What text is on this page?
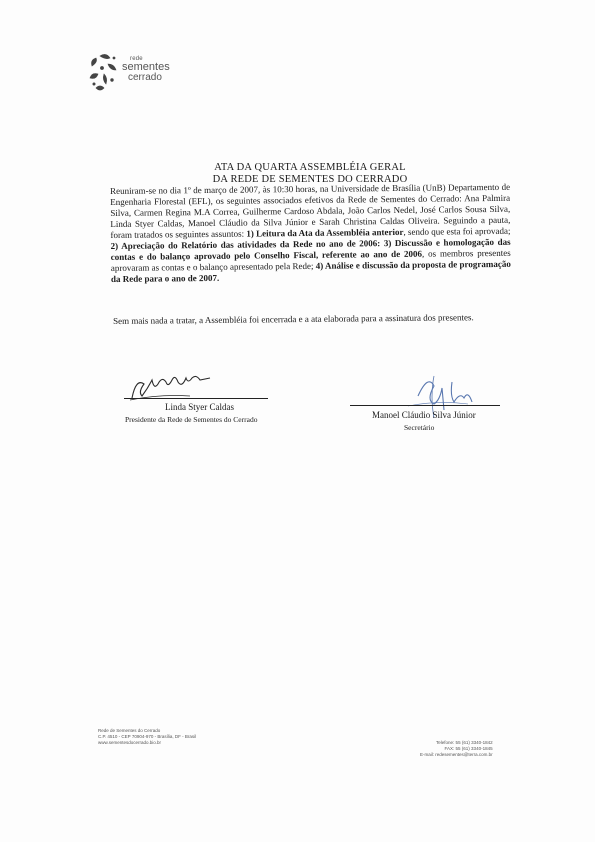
rede
sementes
cerrado
ATA DA QUARTA ASSEMBLÉIA GERAL
DA REDE DE SEMENTES DO CERRADO

Reuniram-se no dia 1º de março de 2007, às 10:30 horas, na Universidade de Brasília (UnB) Departamento de Engenharia Florestal (EFL), os seguintes associados efetivos da Rede de Sementes do Cerrado: Ana Palmira Silva, Carmen Regina M.A Correa, Guilherme Cardoso Abdala, João Carlos Nedel, José Carlos Sousa Silva, Linda Styer Caldas, Manoel Cláudio da Silva Júnior e Sarah Christina Caldas Oliveira. Seguindo a pauta, foram tratados os seguintes assuntos: 1) Leitura da Ata da Assembléia anterior, sendo que esta foi aprovada; 2) Apreciação do Relatório das atividades da Rede no ano de 2006: 3) Discussão e homologação das contas e do balanço aprovado pelo Conselho Fiscal, referente ao ano de 2006, os membros presentes aprovaram as contas e o balanço apresentado pela Rede; 4) Análise e discussão da proposta de programação da Rede para o ano de 2007.

Sem mais nada a tratar, a Assembléia foi encerrada e a ata elaborada para a assinatura dos presentes.
Linda Styer Caldas
Presidente da Rede de Sementes do Cerrado	Manoel Cláudio Silva Júnior
Secretário
Rede de Sementes do Cerrado
C.P. 4510 - CEP 70904-970 - Brasília, DF - Brasil
www.sementesdocerrado.bio.br	Telefone: 55 (61) 3340-1842
FAX: 55 (61) 3340-1845
E-mail: redesementes@terra.com.br
